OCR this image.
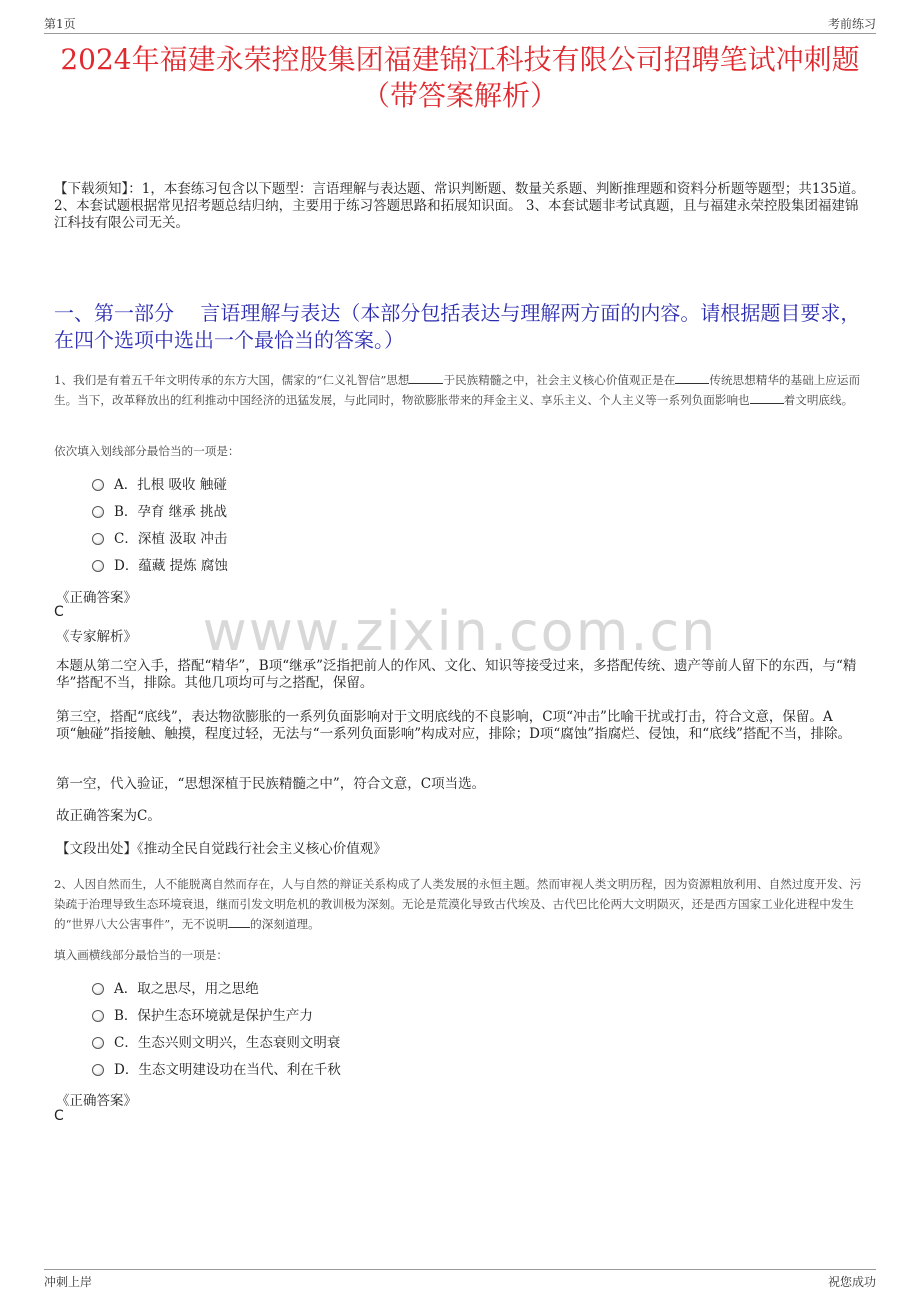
第1页	考前练习
2024年福建永荣控股集团福建锦江科技有限公司招聘笔试冲刺题（带答案解析）
【下载须知】：1，本套练习包含以下题型：言语理解与表达题、常识判断题、数量关系题、判断推理题和资料分析题等题型；共135道。 2、本套试题根据常见招考题总结归纳，主要用于练习答题思路和拓展知识面。 3、本套试题非考试真题，且与福建永荣控股集团福建锦江科技有限公司无关。
一、第一部分　 言语理解与表达（本部分包括表达与理解两方面的内容。请根据题目要求，在四个选项中选出一个最恰当的答案。）

1、我们是有着五千年文明传承的东方大国，儒家的“仁义礼智信”思想	于民族精髓之中，社会主义核心价值观正是在	传统思想精华的基础上应运而生。当下，改革释放出的红利推动中国经济的迅猛发展，与此同时，物欲膨胀带来的拜金主义、享乐主义、个人主义等一系列负面影响也	着文明底线。

依次填入划线部分最恰当的一项是：

A．扎根 吸收 触碰
B．孕育 继承 挑战
C．深植 汲取 冲击
D．蕴藏 提炼 腐蚀
《正确答案》
C
《专家解析》	www.zixin.com.cn

本题从第二空入手，搭配“精华”，B项“继承”泛指把前人的作风、文化、知识等接受过来，多搭配传统、遗产等前人留下的东西，与“精华”搭配不当，排除。其他几项均可与之搭配，保留。

第三空，搭配“底线”，表达物欲膨胀的一系列负面影响对于文明底线的不良影响，C项“冲击”比喻干扰或打击，符合文意，保留。A项“触碰”指接触、触摸，程度过轻，无法与“一系列负面影响”构成对应，排除；D项“腐蚀”指腐烂、侵蚀，和“底线”搭配不当，排除。

第一空，代入验证，“思想深植于民族精髓之中”，符合文意，C项当选。

故正确答案为C。

【文段出处】《推动全民自觉践行社会主义核心价值观》

2、人因自然而生，人不能脱离自然而存在，人与自然的辩证关系构成了人类发展的永恒主题。然而审视人类文明历程，因为资源粗放利用、自然过度开发、污染疏于治理导致生态环境衰退，继而引发文明危机的教训极为深刻。无论是荒漠化导致古代埃及、古代巴比伦两大文明陨灭，还是西方国家工业化进程中发生的“世界八大公害事件”，无不说明 的深刻道理。

填入画横线部分最恰当的一项是：

A．取之思尽，用之思绝
B．保护生态环境就是保护生产力
C．生态兴则文明兴，生态衰则文明衰
D．生态文明建设功在当代、利在千秋
《正确答案》
C
冲刺上岸	祝您成功
